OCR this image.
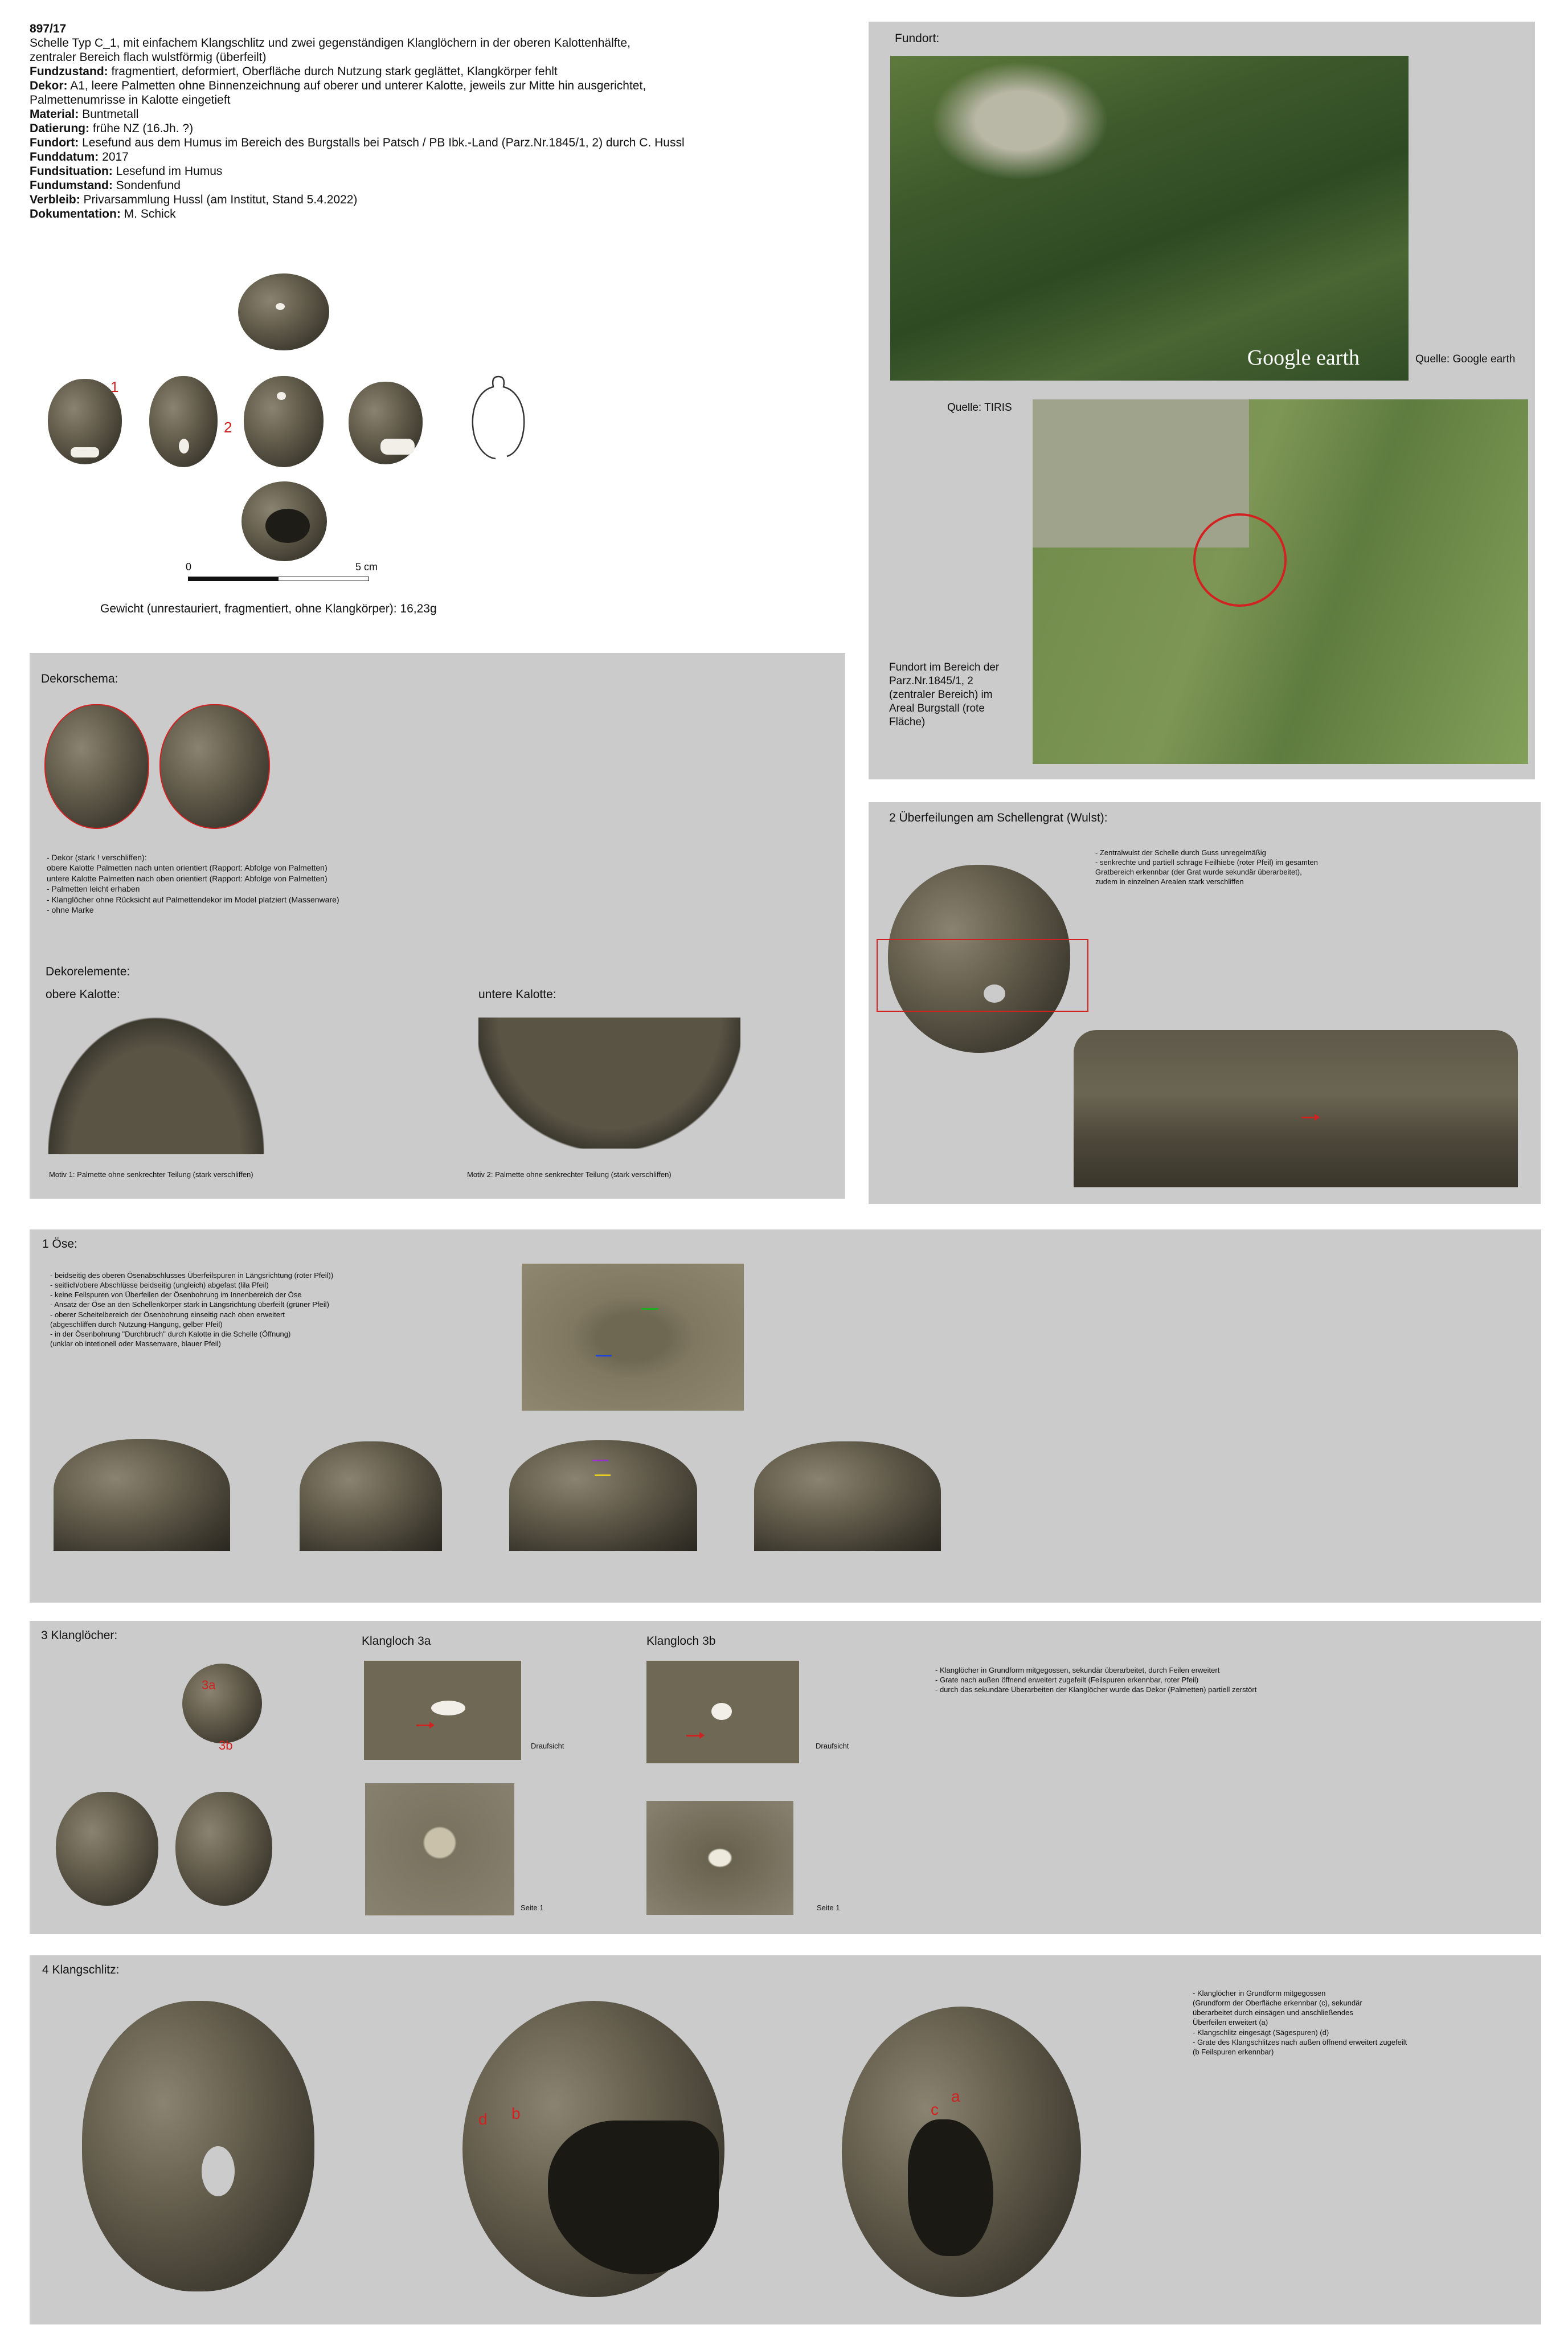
897/17
Schelle Typ C_1, mit einfachem Klangschlitz und zwei gegenständigen Klanglöchern in der oberen Kalottenhälfte,
zentraler Bereich flach wulstförmig (überfeilt)
Fundzustand: fragmentiert, deformiert, Oberfläche durch Nutzung stark geglättet, Klangkörper fehlt
Dekor: A1, leere Palmetten ohne Binnenzeichnung auf oberer und unterer Kalotte, jeweils zur Mitte hin ausgerichtet,
Palmettenumrisse in Kalotte eingetieft
Material: Buntmetall
Datierung: frühe NZ (16.Jh. ?)
Fundort: Lesefund aus dem Humus im Bereich des Burgstalls bei Patsch / PB Ibk.-Land (Parz.Nr.1845/1, 2) durch C. Hussl
Funddatum: 2017
Fundsituation: Lesefund im Humus
Fundumstand: Sondenfund
Verbleib: Privarsammlung Hussl (am Institut, Stand 5.4.2022)
Dokumentation: M. Schick
1
2
0	5 cm
Gewicht (unrestauriert, fragmentiert, ohne Klangkörper): 16,23g
Fundort:
Google earth	Quelle: Google earth
Quelle: TIRIS
Fundort im Bereich der Parz.Nr.1845/1, 2 (zentraler Bereich) im Areal Burgstall (rote Fläche)
Dekorschema:
- Dekor (stark ! verschliffen):
obere Kalotte Palmetten nach unten orientiert (Rapport: Abfolge von Palmetten)
untere Kalotte Palmetten nach oben orientiert (Rapport: Abfolge von Palmetten)
- Palmetten leicht erhaben
- Klanglöcher ohne Rücksicht auf Palmettendekor im Model platziert (Massenware)
- ohne Marke
Dekorelemente:
obere Kalotte:	untere Kalotte:
Motiv 1: Palmette ohne senkrechter Teilung (stark verschliffen)	Motiv 2: Palmette ohne senkrechter Teilung (stark verschliffen)
2 Überfeilungen am Schellengrat (Wulst):
- Zentralwulst der Schelle durch Guss unregelmäßig
- senkrechte und partiell schräge Feilhiebe (roter Pfeil) im gesamten
Gratbereich erkennbar (der Grat wurde sekundär überarbeitet),
zudem in einzelnen Arealen stark verschliffen
1 Öse:
- beidseitig des oberen Ösenabschlusses Überfeilspuren in Längsrichtung (roter Pfeil))
- seitlich/obere Abschlüsse beidseitig (ungleich) abgefast (lila Pfeil)
- keine Feilspuren von Überfeilen der Ösenbohrung im Innenbereich der Öse
- Ansatz der Öse an den Schellenkörper stark in Längsrichtung überfeilt (grüner Pfeil)
- oberer Scheitelbereich der Ösenbohrung einseitig nach oben erweitert
(abgeschliffen durch Nutzung-Hängung, gelber Pfeil)
- in der Ösenbohrung "Durchbruch" durch Kalotte in die Schelle (Öffnung)
(unklar ob intetionell oder Massenware, blauer Pfeil)
3 Klanglöcher:
3a
3b
Klangloch 3a	Klangloch 3b
Draufsicht	Draufsicht
Seite 1	Seite 1
- Klanglöcher in Grundform mitgegossen, sekundär überarbeitet, durch Feilen erweitert
- Grate nach außen öffnend erweitert zugefeilt (Feilspuren erkennbar, roter Pfeil)
- durch das sekundäre Überarbeiten der Klanglöcher wurde das Dekor (Palmetten) partiell zerstört
4 Klangschlitz:
d b	c
a
- Klanglöcher in Grundform mitgegossen
(Grundform der Oberfläche erkennbar (c), sekundär
überarbeitet durch einsägen und anschließendes
Überfeilen erweitert (a)
- Klangschlitz eingesägt (Sägespuren) (d)
- Grate des Klangschlitzes nach außen öffnend erweitert zugefeilt
(b Feilspuren erkennbar)
